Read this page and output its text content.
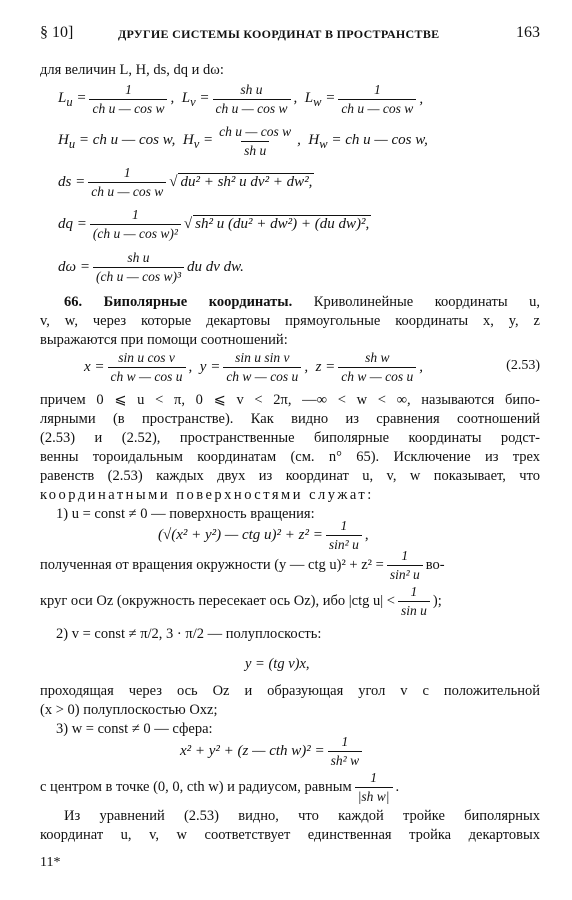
§ 10]	ДРУГИЕ СИСТЕМЫ КООРДИНАТ В ПРОСТРАНСТВЕ	163
для величин L, H, ds, dq и dω:
$L_u = \frac{1}{\text{ch u — cos w}}$ ,  $L_v = \frac{\text{sh u}}{\text{ch u — cos w}}$ ,  $L_w = \frac{1}{\text{ch u — cos w}}$ ,
$H_u$ = ch u — cos w,  $H_v = \frac{\text{ch u — cos w}}{\text{sh u}}$ ,  $H_w$ = ch u — cos w,
ds = $\frac{1}{\text{ch u — cos w}}$ √ du² + sh² u dv² + dw²,
dq = $\frac{1}{\text{(ch u — cos w)²}}$ √ sh² u (du² + dw²) + (du dw)²,
$d\omega = \frac{\text{sh u}}{\text{(ch u — cos w)³}}$ du dv dw.
66. Биполярные координаты. Криволинейные координаты u,
v, w, через которые декартовы прямоугольные координаты x, y, z
выражаются при помощи соотношений:
$x = \frac{\text{sin u cos v}}{\text{ch w — cos u}}$ ,  $y = \frac{\text{sin u sin v}}{\text{ch w — cos u}}$ ,  $z = \frac{\text{sh w}}{\text{ch w — cos u}}$ ,	(2.53)
причем 0 ⩽ u < π, 0 ⩽ v < 2π, —∞ < w < ∞, называются бипо-
лярными (в пространстве). Как видно из сравнения соотношений
(2.53) и (2.52), пространственные биполярные координаты родст-
венны тороидальным координатам (см. n° 65). Исключение из трех
равенств (2.53) каждых двух из координат u, v, w показывает, что
координатными поверхностями служат:
1) u = const ≠ 0 — поверхность вращения:
(√(x² + y²) — ctg $u)^2 + z^2 = \frac{1}{\text{sin² u}}$ ,
полученная от вращения окружности (y — ctg $u)^2 + z^2 = \frac{1}{\text{sin² u}} во-$
круг оси Oz (окружность пересекает ось Oz), ибо |ctg $u| < \frac{1}{\text{sin u}}$ );
2) v = const ≠ π/2, 3 · π/2 — полуплоскость:
y = (tg v)x,
проходящая через ось Oz и образующая угол v с положительной
(x > 0) полуплоскостью Oxz;
3) w = const ≠ 0 — сфера:
x² + y² + (z — cth $w)^2 = \frac{1}{\text{sh² w}}$
с центром в точке (0, 0, cth w) и радиусом, равным $\frac{1}{\text{|sh w|}}$ .
Из уравнений (2.53) видно, что каждой тройке биполярных
координат u, v, w соответствует единственная тройка декартовых
11*
